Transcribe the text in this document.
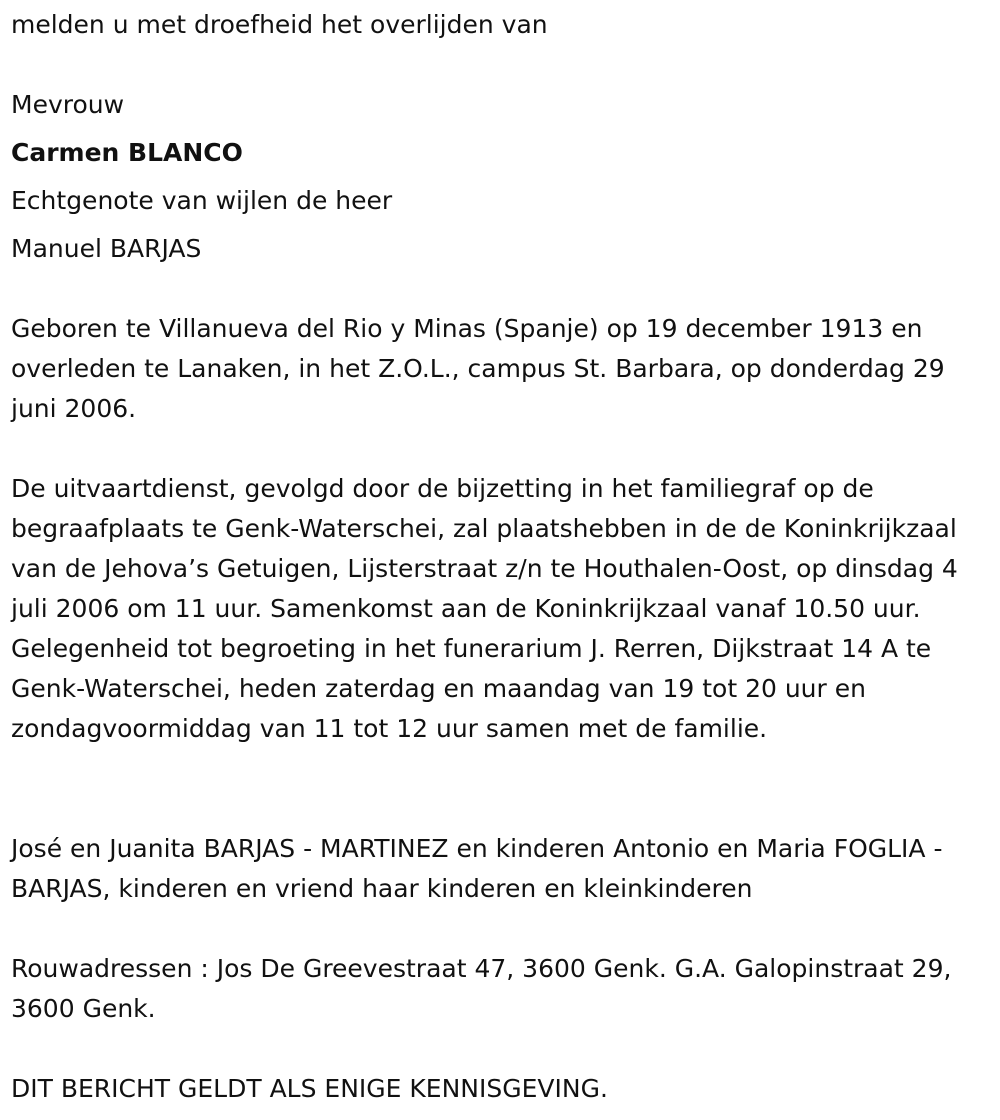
melden u met droefheid het overlijden van
Mevrouw
Carmen BLANCO
Echtgenote van wijlen de heer
Manuel BARJAS
Geboren te Villanueva del Rio y Minas (Spanje) op 19 december 1913 en overleden te Lanaken, in het Z.O.L., campus St. Barbara, op donderdag 29 juni 2006.
De uitvaartdienst, gevolgd door de bijzetting in het familiegraf op de begraafplaats te Genk-Waterschei, zal plaatshebben in de de Koninkrijkzaal van de Jehova’s Getuigen, Lijsterstraat z/n te Houthalen-Oost, op dinsdag 4 juli 2006 om 11 uur. Samenkomst aan de Koninkrijkzaal vanaf 10.50 uur. Gelegenheid tot begroeting in het funerarium J. Rerren, Dijkstraat 14 A te Genk-Waterschei, heden zaterdag en maandag van 19 tot 20 uur en zondagvoormiddag van 11 tot 12 uur samen met de familie.
José en Juanita BARJAS - MARTINEZ en kinderen Antonio en Maria FOGLIA - BARJAS, kinderen en vriend haar kinderen en kleinkinderen
Rouwadressen : Jos De Greevestraat 47, 3600 Genk. G.A. Galopinstraat 29, 3600 Genk.
DIT BERICHT GELDT ALS ENIGE KENNISGEVING.
